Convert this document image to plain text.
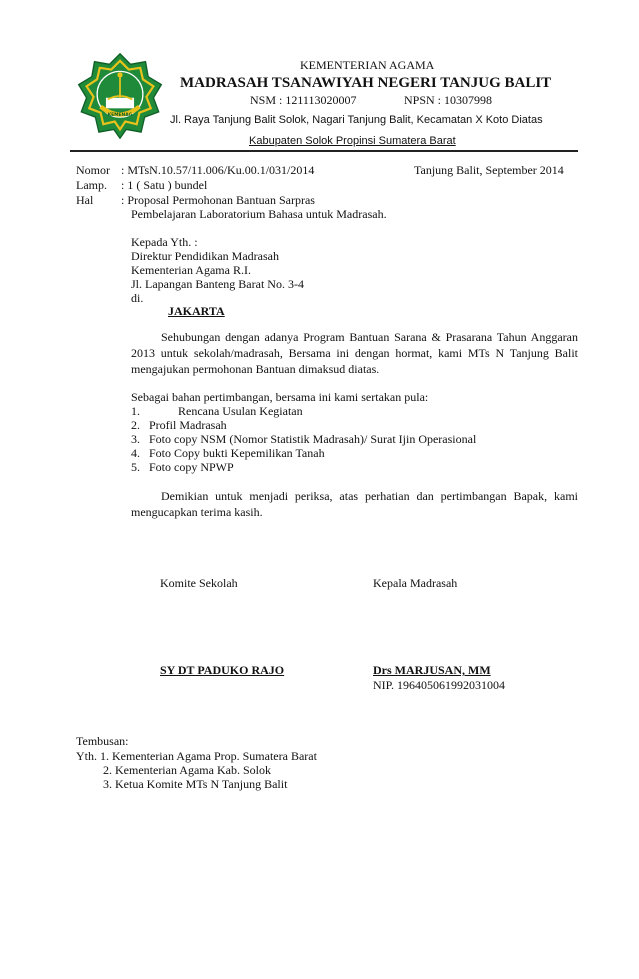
KEMENAG
KEMENTERIAN AGAMA
MADRASAH TSANAWIYAH NEGERI TANJUG BALIT
NSM : 121113020007	NPSN : 10307998
Jl. Raya Tanjung Balit Solok, Nagari Tanjung Balit, Kecamatan X Koto Diatas
Kabupaten Solok Propinsi Sumatera Barat
Nomor : MTsN.10.57/11.006/Ku.00.1/031/2014	Tanjung Balit, September 2014
Lamp. : 1 ( Satu ) bundel
Hal : Proposal Permohonan Bantuan Sarpras
Pembelajaran Laboratorium Bahasa untuk Madrasah.
Kepada Yth. :
Direktur Pendidikan Madrasah
Kementerian Agama R.I.
Jl. Lapangan Banteng Barat No. 3-4
di.
JAKARTA
Sehubungan dengan adanya Program Bantuan Sarana & Prasarana Tahun Anggaran 2013 untuk sekolah/madrasah, Bersama ini dengan hormat, kami MTs N Tanjung Balit mengajukan permohonan Bantuan dimaksud diatas.
Sebagai bahan pertimbangan, bersama ini kami sertakan pula:
1.	Rencana Usulan Kegiatan
2. Profil Madrasah
3. Foto copy NSM (Nomor Statistik Madrasah)/ Surat Ijin Operasional
4. Foto Copy bukti Kepemilikan Tanah
5. Foto copy NPWP
Demikian untuk menjadi periksa, atas perhatian dan pertimbangan Bapak, kami mengucapkan terima kasih.
Komite Sekolah	Kepala Madrasah
SY DT PADUKO RAJO	Drs MARJUSAN, MM
NIP. 196405061992031004
Tembusan:
Yth. 1. Kementerian Agama Prop. Sumatera Barat
2. Kementerian Agama Kab. Solok
3. Ketua Komite MTs N Tanjung Balit
